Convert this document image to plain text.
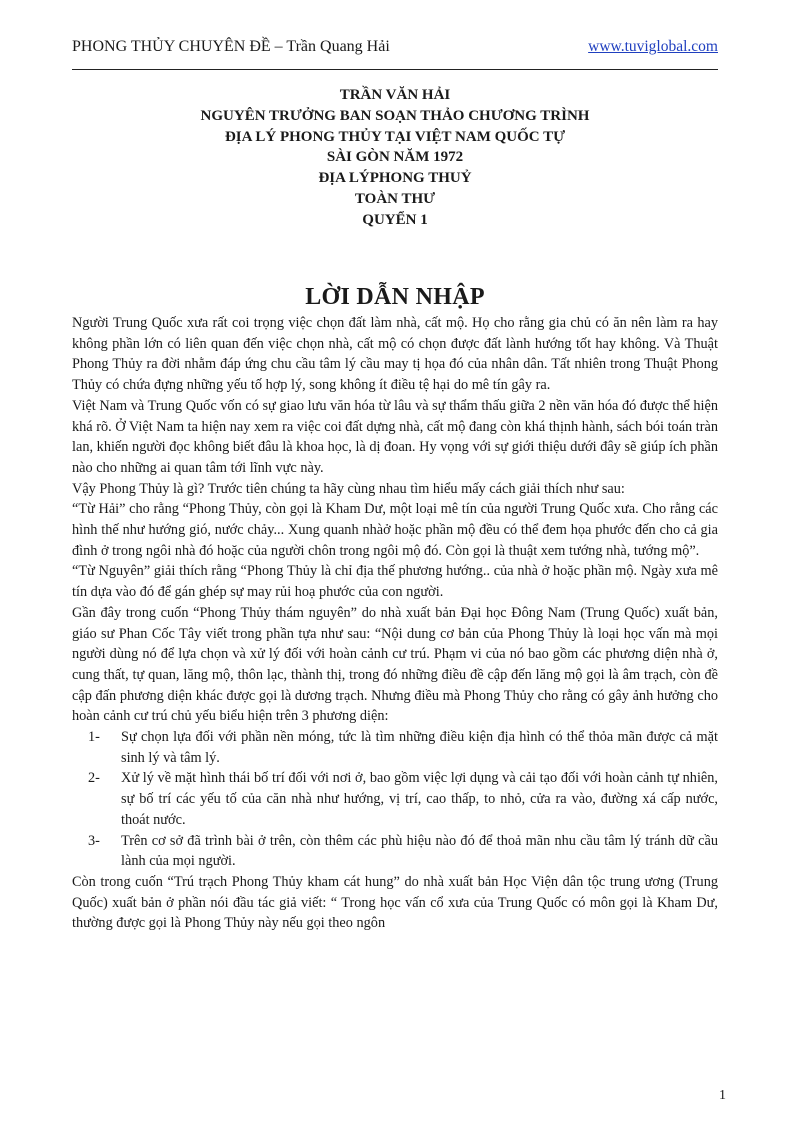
PHONG THỦY CHUYÊN ĐỀ – Trần Quang Hải	www.tuviglobal.com
TRẦN VĂN HẢI
NGUYÊN TRƯỞNG BAN SOẠN THẢO CHƯƠNG TRÌNH
ĐỊA LÝ PHONG THỦY TẠI VIỆT NAM QUỐC TỰ
SÀI GÒN NĂM 1972
ĐỊA LÝPHONG THUỶ
TOÀN THƯ
QUYỂN 1
LỜI DẪN NHẬP

Người Trung Quốc xưa rất coi trọng việc chọn đất làm nhà, cất mộ. Họ cho rằng gia chủ có ăn nên làm ra hay không phần lớn có liên quan đến việc chọn nhà, cất mộ có chọn được đất lành hướng tốt hay không. Và Thuật Phong Thủy ra đời nhằm đáp ứng chu cầu tâm lý cầu may tị họa đó của nhân dân. Tất nhiên trong Thuật Phong Thủy có chứa đựng những yếu tố hợp lý, song không ít điều tệ hại do mê tín gây ra.

Việt Nam và Trung Quốc vốn có sự giao lưu văn hóa từ lâu và sự thẩm thấu giữa 2 nền văn hóa đó được thể hiện khá rõ. Ở Việt Nam ta hiện nay xem ra việc coi đất dựng nhà, cất mộ đang còn khá thịnh hành, sách bói toán tràn lan, khiến người đọc không biết đâu là khoa học, là dị đoan. Hy vọng với sự giới thiệu dưới đây sẽ giúp ích phần nào cho những ai quan tâm tới lĩnh vực này.

Vậy Phong Thủy là gì? Trước tiên chúng ta hãy cùng nhau tìm hiểu mấy cách giải thích như sau:

“Từ Hải” cho rằng “Phong Thủy, còn gọi là Kham Dư, một loại mê tín của người Trung Quốc xưa. Cho rằng các hình thế như hướng gió, nước chảy... Xung quanh nhàở hoặc phần mộ đều có thể đem họa phước đến cho cả gia đình ở trong ngôi nhà đó hoặc của người chôn trong ngôi mộ đó. Còn gọi là thuật xem tướng nhà, tướng mộ”.

“Từ Nguyên” giải thích rằng “Phong Thủy là chỉ địa thế phương hướng.. của nhà ở hoặc phần mộ. Ngày xưa mê tín dựa vào đó để gán ghép sự may rủi hoạ phước của con người.

Gần đây trong cuốn “Phong Thủy thám nguyên” do nhà xuất bản Đại học Đông Nam (Trung Quốc) xuất bản, giáo sư Phan Cốc Tây viết trong phần tựa như sau: “Nội dung cơ bản của Phong Thủy là loại học vấn mà mọi người dùng nó để lựa chọn và xử lý đối với hoàn cảnh cư trú. Phạm vi của nó bao gồm các phương diện nhà ở, cung thất, tự quan, lăng mộ, thôn lạc, thành thị, trong đó những điều đề cập đến lăng mộ gọi là âm trạch, còn đề cập đấn phương diện khác được gọi là dương trạch. Nhưng điều mà Phong Thủy cho rằng có gây ảnh hưởng cho hoàn cảnh cư trú chủ yếu biểu hiện trên 3 phương diện:

1-	Sự chọn lựa đối với phần nền móng, tức là tìm những điều kiện địa hình có thể thỏa mãn được cả mặt sinh lý và tâm lý.
2-	Xử lý về mặt hình thái bố trí đối với nơi ở, bao gồm việc lợi dụng và cải tạo đối với hoàn cảnh tự nhiên, sự bố trí các yếu tố của căn nhà như hướng, vị trí, cao thấp, to nhỏ, cửa ra vào, đường xá cấp nước, thoát nước.
3-	Trên cơ sở đã trình bài ở trên, còn thêm các phù hiệu nào đó để thoả mãn nhu cầu tâm lý tránh dữ cầu lành của mọi người.

Còn trong cuốn “Trú trạch Phong Thủy kham cát hung” do nhà xuất bản Học Viện dân tộc trung ương (Trung Quốc) xuất bản ở phần nói đầu tác giả viết: “ Trong học vấn cổ xưa của Trung Quốc có môn gọi là Kham Dư, thường được gọi là Phong Thủy này nếu gọi theo ngôn

1
